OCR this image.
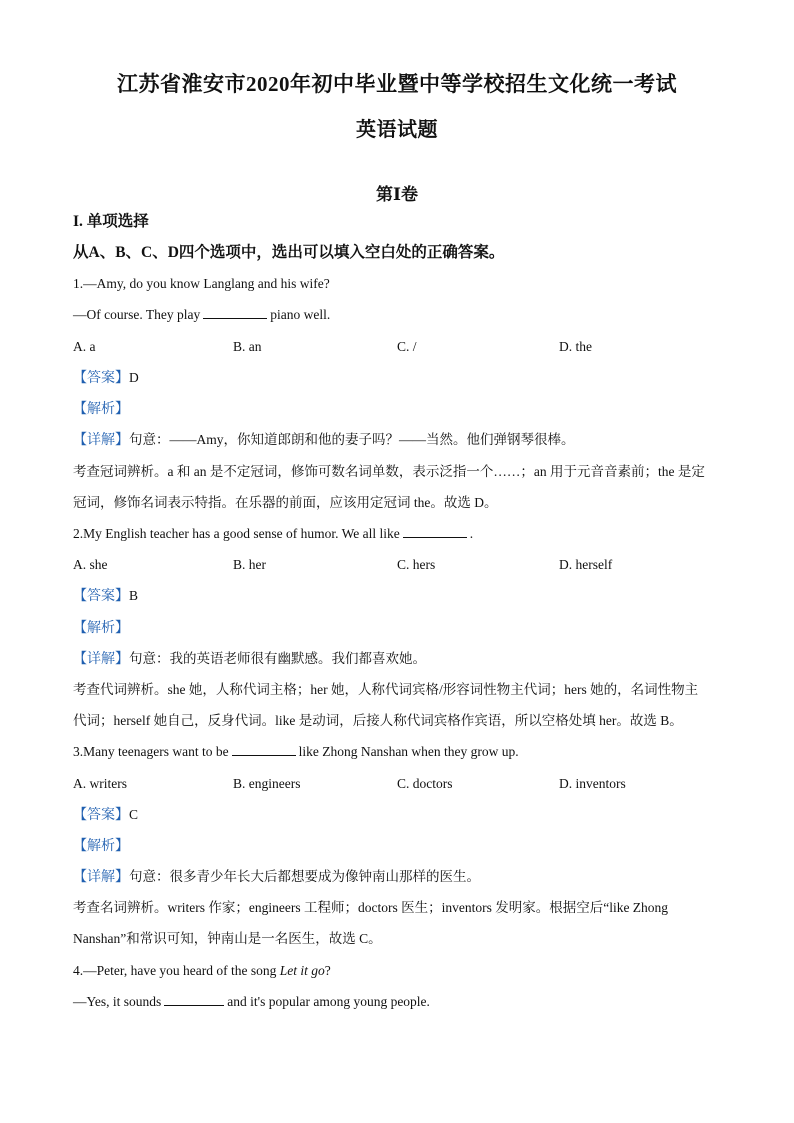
江苏省淮安市2020年初中毕业暨中等学校招生文化统一考试
英语试题
第Ⅰ卷
I. 单项选择
从A、B、C、D四个选项中，选出可以填入空白处的正确答案。
1.—Amy, do you know Langlang and his wife?
—Of course. They play	piano well.
A. a	B. an	C. /	D. the
【答案】D
【解析】
【详解】句意：——Amy，你知道郎朗和他的妻子吗？——当然。他们弹钢琴很棒。
考查冠词辨析。a 和 an 是不定冠词，修饰可数名词单数，表示泛指一个……；an 用于元音音素前；the 是定
冠词，修饰名词表示特指。在乐器的前面，应该用定冠词 the。故选 D。
2.My English teacher has a good sense of humor. We all like	.
A. she	B. her	C. hers	D. herself
【答案】B
【解析】
【详解】句意：我的英语老师很有幽默感。我们都喜欢她。
考查代词辨析。she 她，人称代词主格；her 她，人称代词宾格/形容词性物主代词；hers 她的，名词性物主
代词；herself 她自己，反身代词。like 是动词，后接人称代词宾格作宾语，所以空格处填 her。故选 B。
3.Many teenagers want to be	like Zhong Nanshan when they grow up.
A. writers	B. engineers	C. doctors	D. inventors
【答案】C
【解析】
【详解】句意：很多青少年长大后都想要成为像钟南山那样的医生。
考查名词辨析。writers 作家；engineers 工程师；doctors 医生；inventors 发明家。根据空后“like Zhong
Nanshan”和常识可知，钟南山是一名医生，故选 C。
4.—Peter, have you heard of the song Let it go?
—Yes, it sounds	and it's popular among young people.
